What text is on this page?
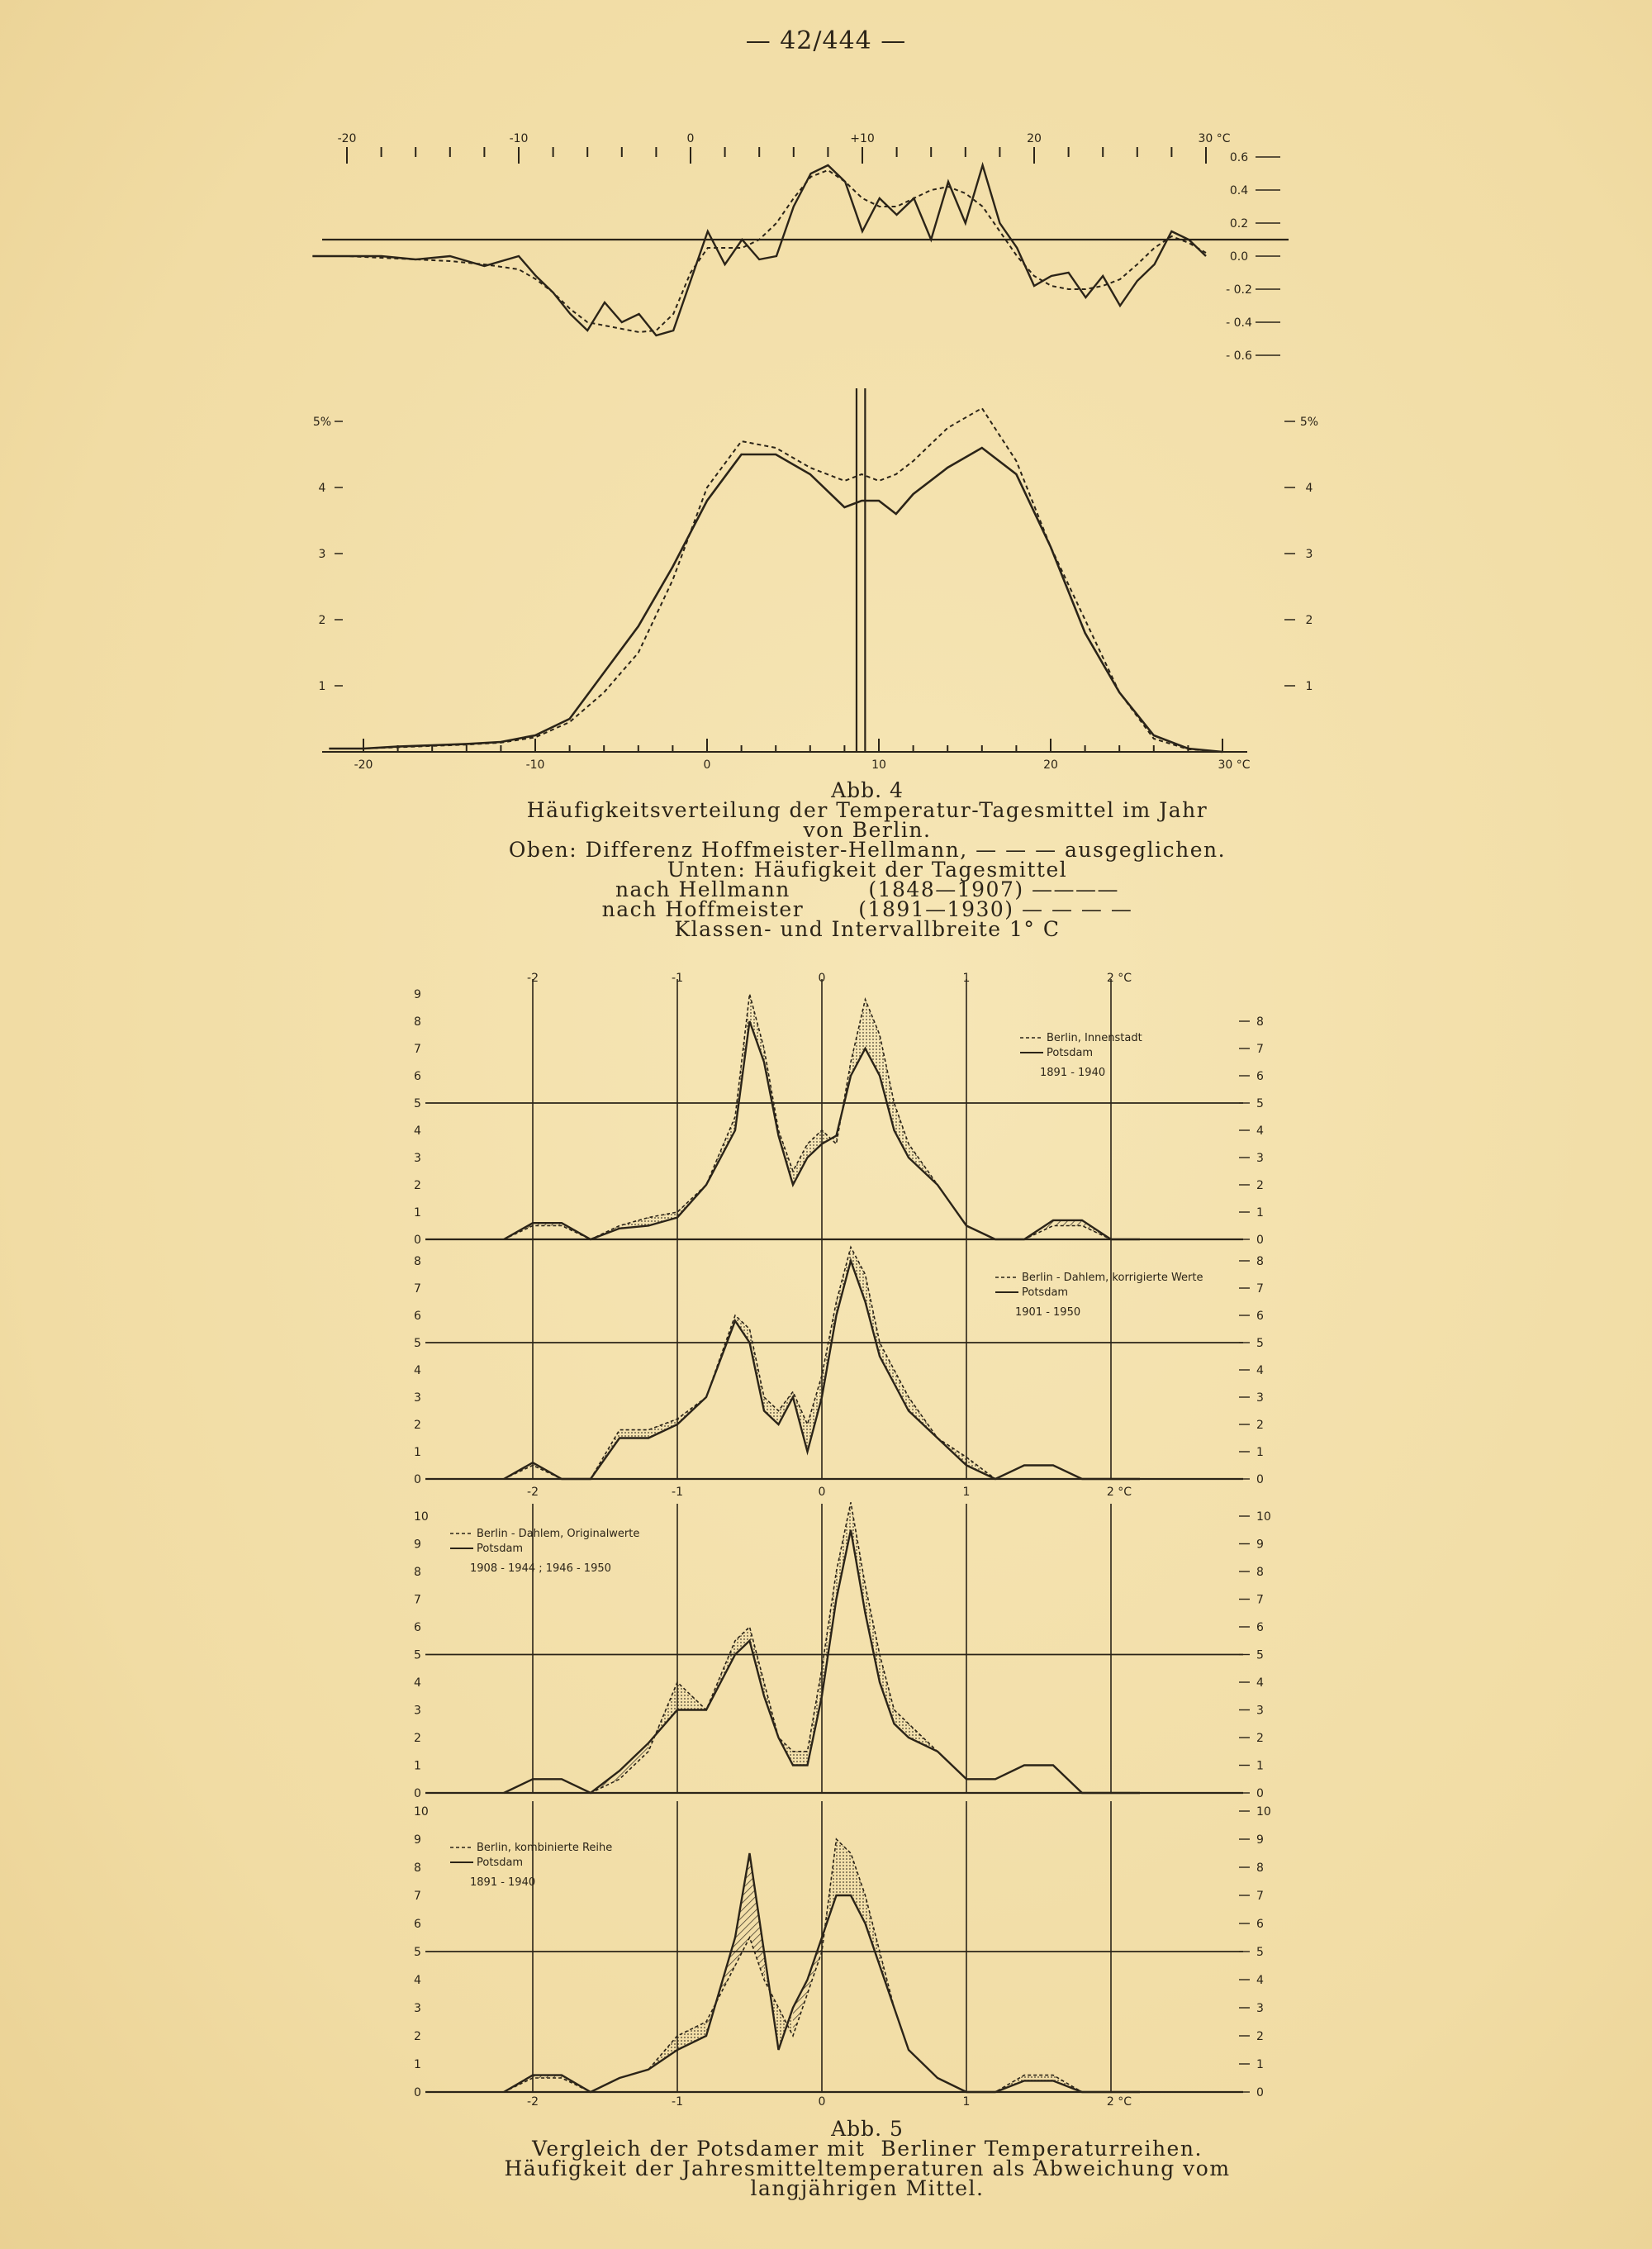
— 42/444 —
-20	-10	0	+10	20	30 °C
0.6
0.4
0.2
0.0
- 0.2
- 0.4
- 0.6
-20	-10	0	10	20	30 °C
1	1
2	2
3	3
4	4
5%	5%
Abb. 4
Häufigkeitsverteilung der Temperatur-Tagesmittel im Jahr
von Berlin.
Oben: Differenz Hoffmeister-Hellmann, — — — ausgeglichen.
Unten: Häufigkeit der Tagesmittel
nach Hellmann          (1848—1907) ————
nach Hoffmeister       (1891—1930) — — — —
Klassen- und Intervallbreite 1° C
-2	-1	0	1	2 °C
0
1
2
3
4
5
6
7
8
9
0
1
2
3
4
5
6
7
8
Berlin, Innenstadt
Potsdam
1891 - 1940
-2	-1	0	1	2 °C
0
1
2
3
4
5
6
7
8
0
1
2
3
4
5
6
7
8
Berlin - Dahlem, korrigierte Werte
Potsdam
1901 - 1950
0
1
2
3
4
5
6
7
8
9
10
0
1
2
3
4
5
6
7
8
9
10
Berlin - Dahlem, Originalwerte
Potsdam
1908 - 1944 ; 1946 - 1950
-2	-1	0	1	2 °C
0
1
2
3
4
5
6
7
8
9
10
0
1
2
3
4
5
6
7
8
9
10
Berlin, kombinierte Reihe
Potsdam
1891 - 1940
Abb. 5
Vergleich der Potsdamer mit  Berliner Temperaturreihen.
Häufigkeit der Jahresmitteltemperaturen als Abweichung vom
langjährigen Mittel.
